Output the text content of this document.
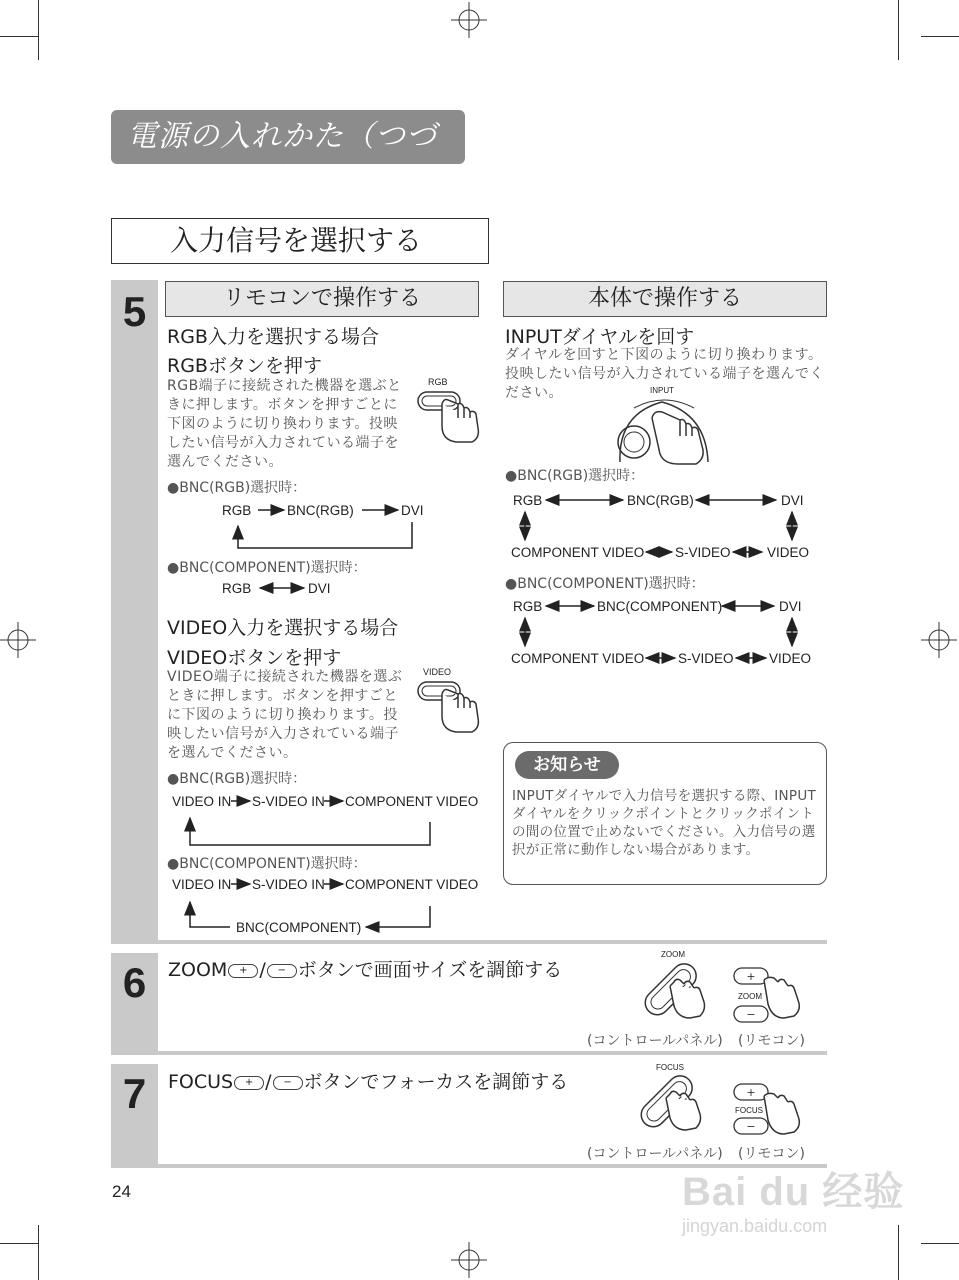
電源の入れかた（つづき）
入力信号を選択する
5	リモコンで操作する	本体で操作する
RGB入力を選択する場合
RGBボタンを押す
RGB端子に接続された機器を選ぶときに押します。ボタンを押すごとに下図のように切り換わります。投映したい信号が入力されている端子を選んでください。
RGB
●BNC(RGB)選択時：
RGB	BNC(RGB)	DVI
●BNC(COMPONENT)選択時：
RGB	DVI
VIDEO入力を選択する場合
VIDEOボタンを押す
VIDEO端子に接続された機器を選ぶときに押します。ボタンを押すごとに下図のように切り換わります。投映したい信号が入力されている端子を選んでください。
VIDEO
●BNC(RGB)選択時：
VIDEO IN S-VIDEO IN COMPONENT VIDEO
●BNC(COMPONENT)選択時：
VIDEO IN S-VIDEO IN COMPONENT VIDEO
BNC(COMPONENT)
INPUTダイヤルを回す
ダイヤルを回すと下図のように切り換わります。投映したい信号が入力されている端子を選んでください。	INPUT
●BNC(RGB)選択時：
RGB	BNC(RGB)	DVI
COMPONENT VIDEO S-VIDEO	VIDEO
●BNC(COMPONENT)選択時：
RGB	BNC(COMPONENT)	DVI
COMPONENT VIDEO S-VIDEO	VIDEO
お知らせ
INPUTダイヤルで入力信号を選択する際、INPUTダイヤルをクリックポイントとクリックポイントの間の位置で止めないでください。入力信号の選択が正常に動作しない場合があります。
6	ZOOM + / − ボタンで画面サイズを調節する
ZOOM
+
−
ZOOM
(コントロールパネル) (リモコン)
7	FOCUS + / − ボタンでフォーカスを調節する
FOCUS
+
−
FOCUS
(コントロールパネル) (リモコン)
24	Bai du 经验
jingyan.baidu.com
